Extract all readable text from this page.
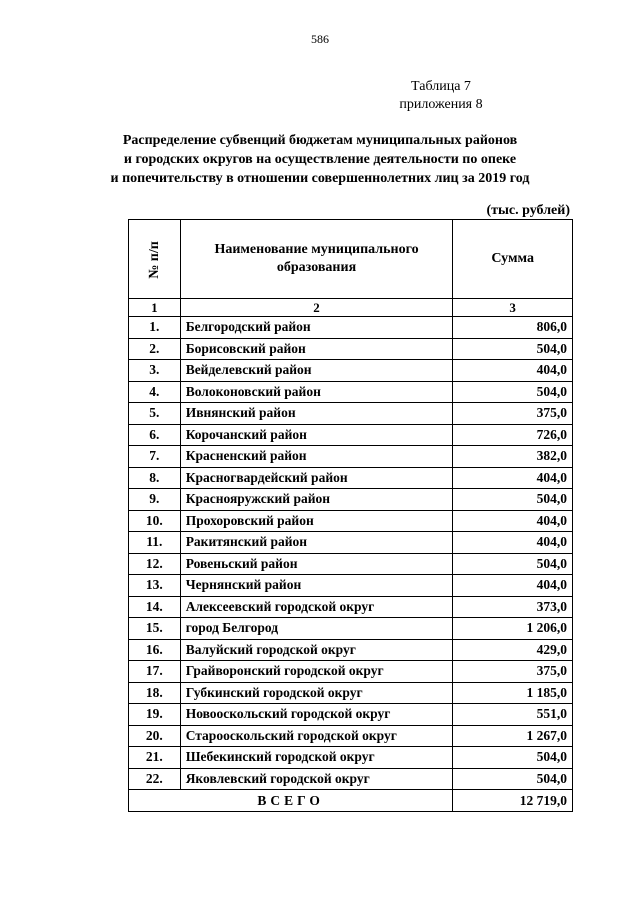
586
Таблица 7
приложения 8
Распределение субвенций бюджетам муниципальных районов
и городских округов на осуществление деятельности по опеке
и попечительству в отношении совершеннолетних лиц за 2019 год
(тыс. рублей)
№ п/п	Наименование муниципального
образования	Сумма
1	2	3
1.	Белгородский район	806,0
2.	Борисовский район	504,0
3.	Вейделевский район	404,0
4.	Волоконовский район	504,0
5.	Ивнянский район	375,0
6.	Корочанский район	726,0
7.	Красненский район	382,0
8.	Красногвардейский район	404,0
9.	Краснояружский район	504,0
10.	Прохоровский район	404,0
11.	Ракитянский район	404,0
12.	Ровеньский район	504,0
13.	Чернянский район	404,0
14.	Алексеевский городской округ	373,0
15.	город Белгород	1 206,0
16.	Валуйский городской округ	429,0
17.	Грайворонский городской округ	375,0
18.	Губкинский городской округ	1 185,0
19.	Новооскольский городской округ	551,0
20.	Старооскольский городской округ	1 267,0
21.	Шебекинский городской округ	504,0
22.	Яковлевский городской округ	504,0
ВСЕГО		12 719,0
